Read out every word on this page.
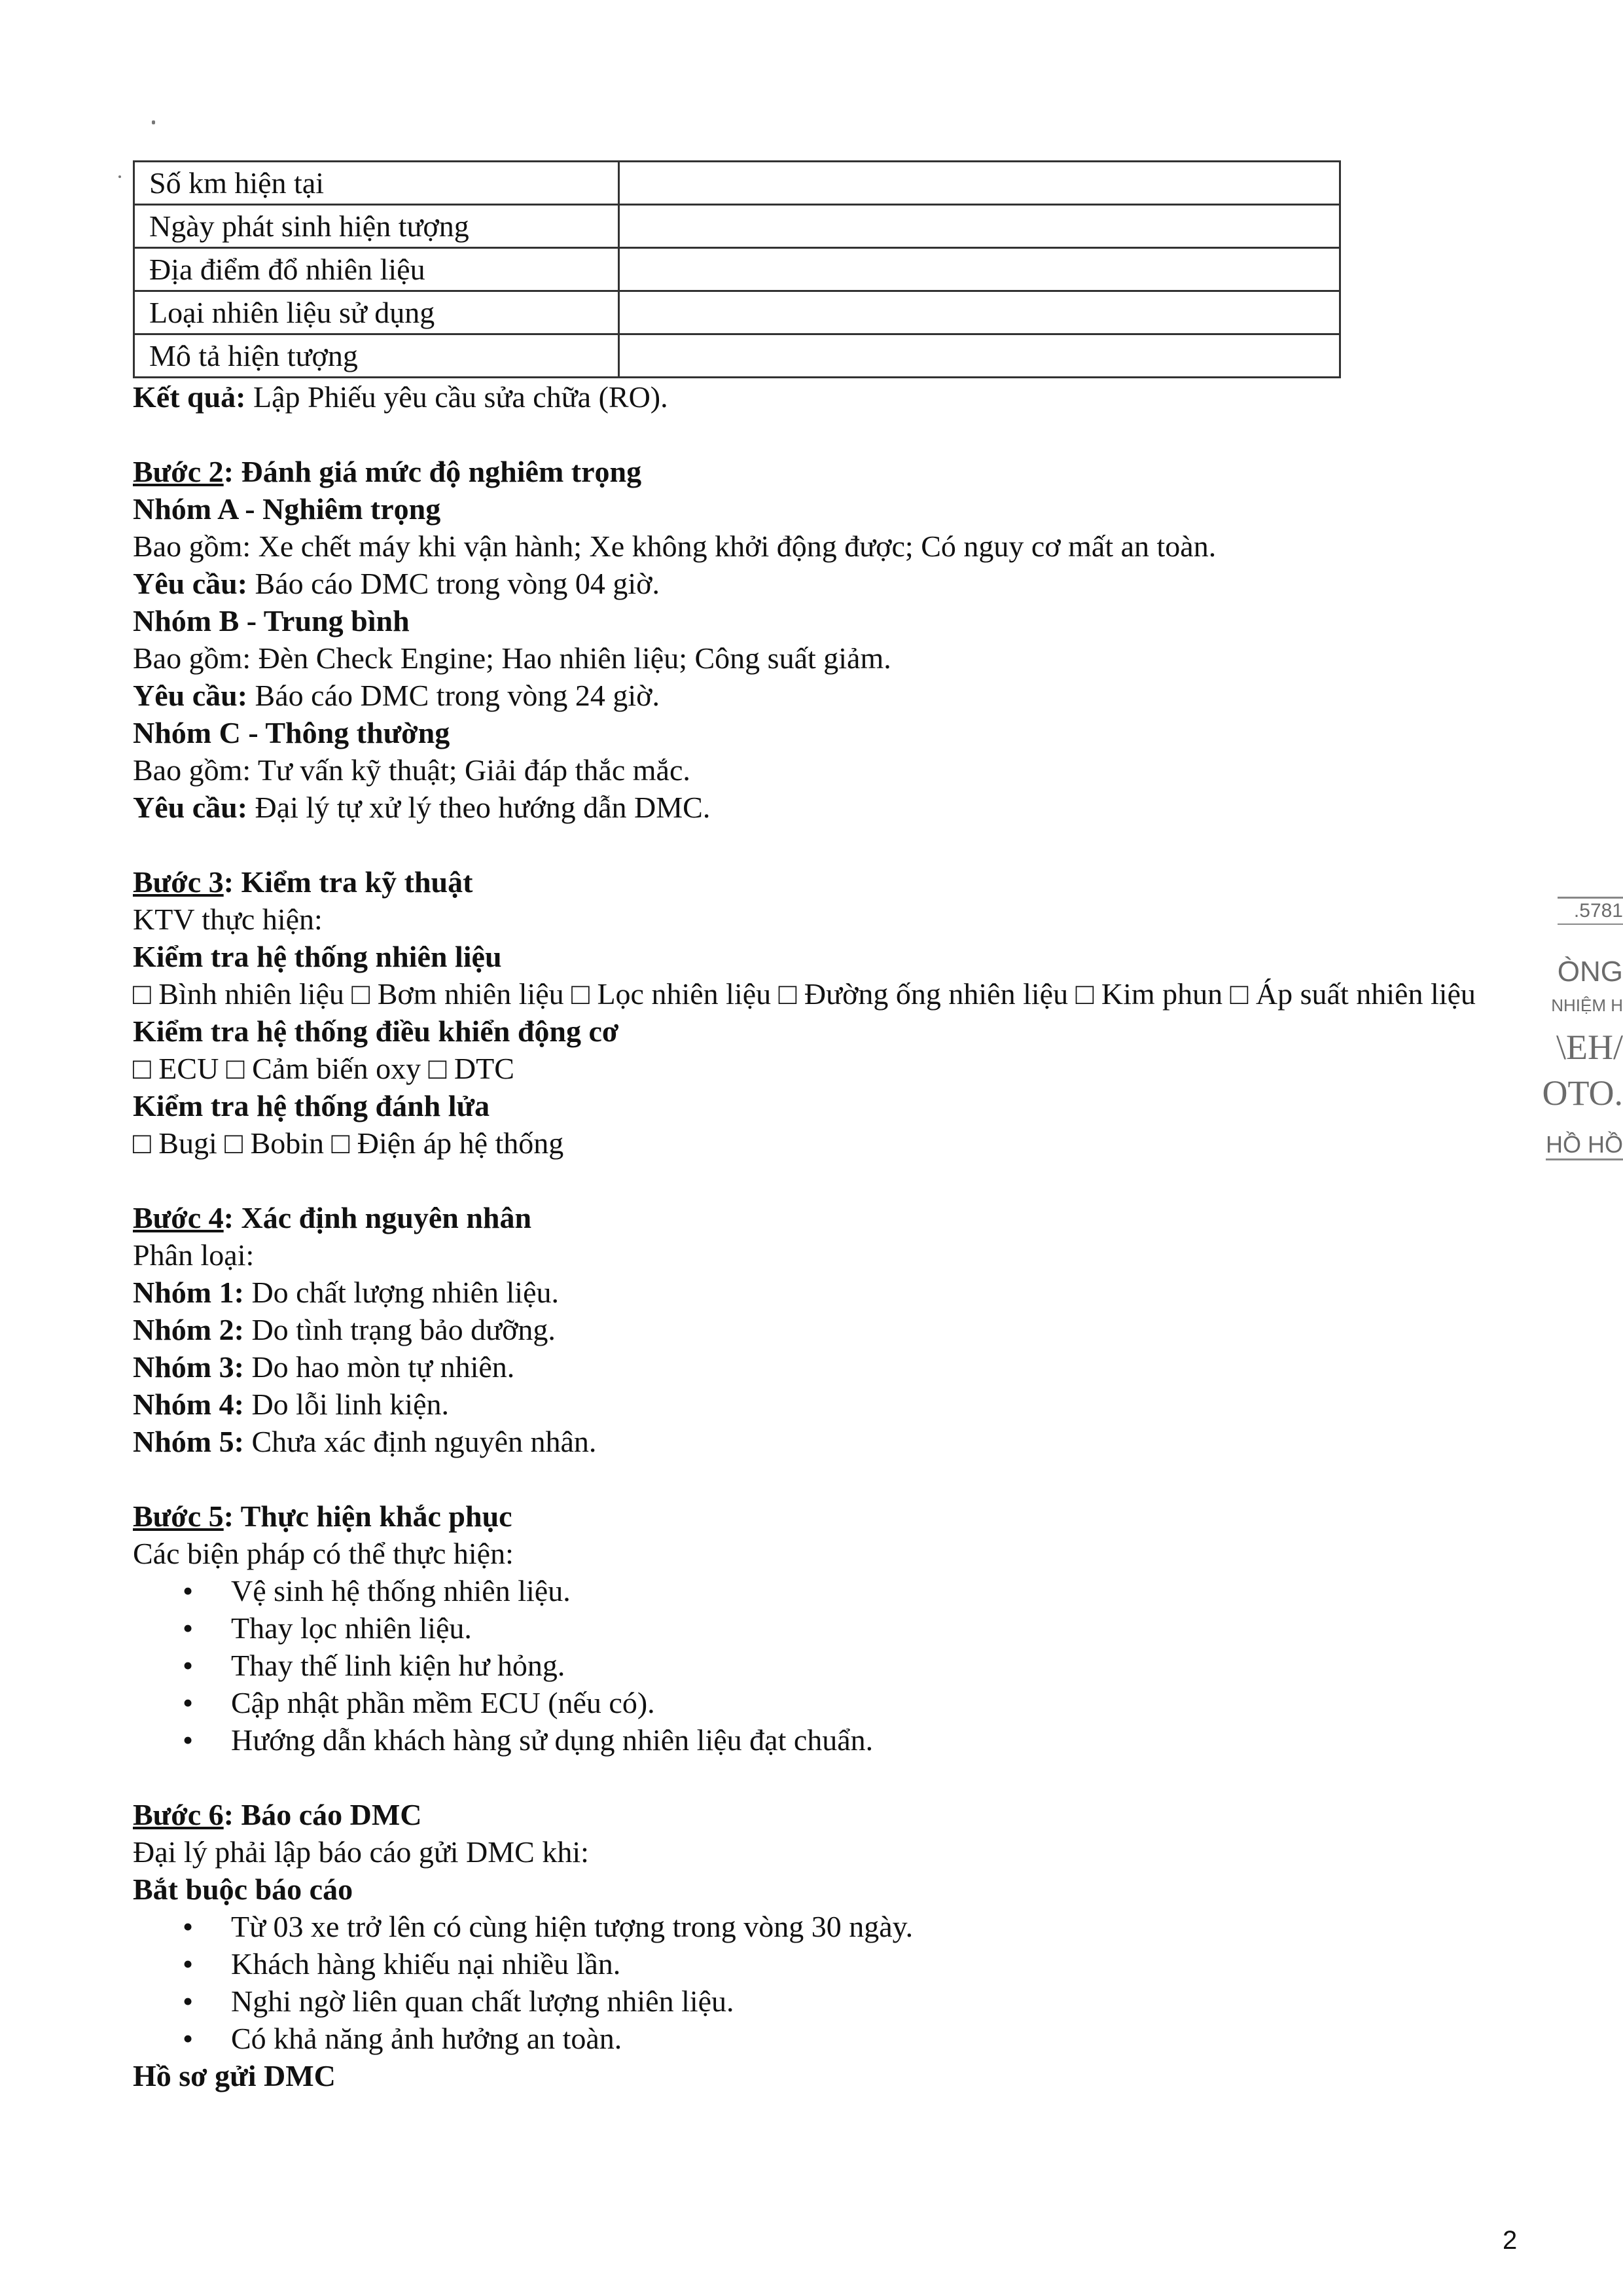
Số km hiện tại	
Ngày phát sinh hiện tượng	
Địa điểm đổ nhiên liệu	
Loại nhiên liệu sử dụng	
Mô tả hiện tượng	
Kết quả: Lập Phiếu yêu cầu sửa chữa (RO).
Bước 2: Đánh giá mức độ nghiêm trọng
Nhóm A - Nghiêm trọng
Bao gồm: Xe chết máy khi vận hành; Xe không khởi động được; Có nguy cơ mất an toàn.
Yêu cầu: Báo cáo DMC trong vòng 04 giờ.
Nhóm B - Trung bình
Bao gồm: Đèn Check Engine; Hao nhiên liệu; Công suất giảm.
Yêu cầu: Báo cáo DMC trong vòng 24 giờ.
Nhóm C - Thông thường
Bao gồm: Tư vấn kỹ thuật; Giải đáp thắc mắc.
Yêu cầu: Đại lý tự xử lý theo hướng dẫn DMC.
Bước 3: Kiểm tra kỹ thuật
KTV thực hiện:
Kiểm tra hệ thống nhiên liệu
□ Bình nhiên liệu □ Bơm nhiên liệu □ Lọc nhiên liệu □ Đường ống nhiên liệu □ Kim phun □ Áp suất nhiên liệu
Kiểm tra hệ thống điều khiển động cơ
□ ECU □ Cảm biến oxy □ DTC
Kiểm tra hệ thống đánh lửa
□ Bugi □ Bobin □ Điện áp hệ thống
Bước 4: Xác định nguyên nhân
Phân loại:
Nhóm 1: Do chất lượng nhiên liệu.
Nhóm 2: Do tình trạng bảo dưỡng.
Nhóm 3: Do hao mòn tự nhiên.
Nhóm 4: Do lỗi linh kiện.
Nhóm 5: Chưa xác định nguyên nhân.
Bước 5: Thực hiện khắc phục
Các biện pháp có thể thực hiện:
• Vệ sinh hệ thống nhiên liệu.
• Thay lọc nhiên liệu.
• Thay thế linh kiện hư hỏng.
• Cập nhật phần mềm ECU (nếu có).
• Hướng dẫn khách hàng sử dụng nhiên liệu đạt chuẩn.
Bước 6: Báo cáo DMC
Đại lý phải lập báo cáo gửi DMC khi:
Bắt buộc báo cáo
• Từ 03 xe trở lên có cùng hiện tượng trong vòng 30 ngày.
• Khách hàng khiếu nại nhiều lần.
• Nghi ngờ liên quan chất lượng nhiên liệu.
• Có khả năng ảnh hưởng an toàn.
Hồ sơ gửi DMC
.5781
ÒNG
NHIỆM H
\EH/
OTO.
HỒ HỒ
2
